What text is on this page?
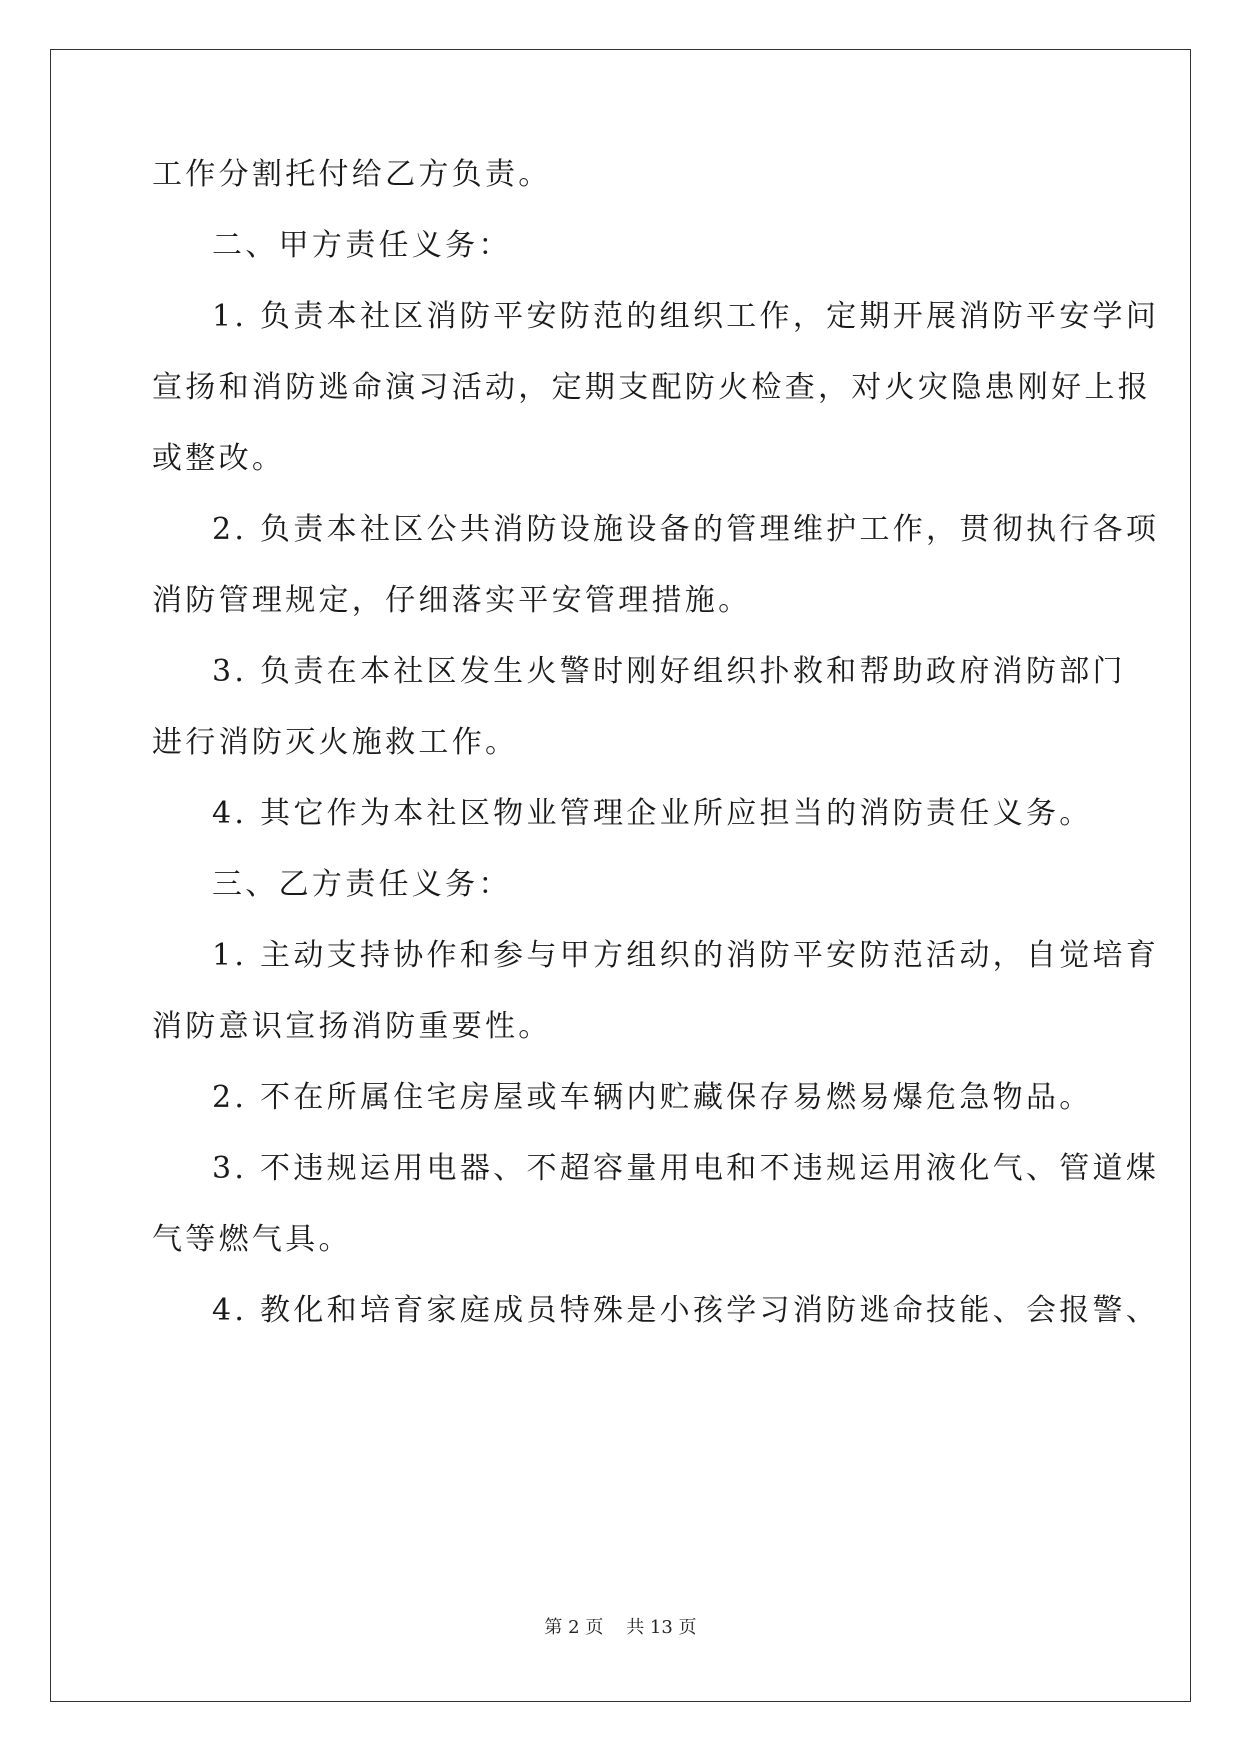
工作分割托付给乙方负责。
二、甲方责任义务：
1. 负责本社区消防平安防范的组织工作，定期开展消防平安学问
宣扬和消防逃命演习活动，定期支配防火检查，对火灾隐患刚好上报
或整改。
2. 负责本社区公共消防设施设备的管理维护工作，贯彻执行各项
消防管理规定，仔细落实平安管理措施。
3. 负责在本社区发生火警时刚好组织扑救和帮助政府消防部门
进行消防灭火施救工作。
4. 其它作为本社区物业管理企业所应担当的消防责任义务。
三、乙方责任义务：
1. 主动支持协作和参与甲方组织的消防平安防范活动，自觉培育
消防意识宣扬消防重要性。
2. 不在所属住宅房屋或车辆内贮藏保存易燃易爆危急物品。
3. 不违规运用电器、不超容量用电和不违规运用液化气、管道煤
气等燃气具。
4. 教化和培育家庭成员特殊是小孩学习消防逃命技能、会报警、
第 2 页    共 13 页
